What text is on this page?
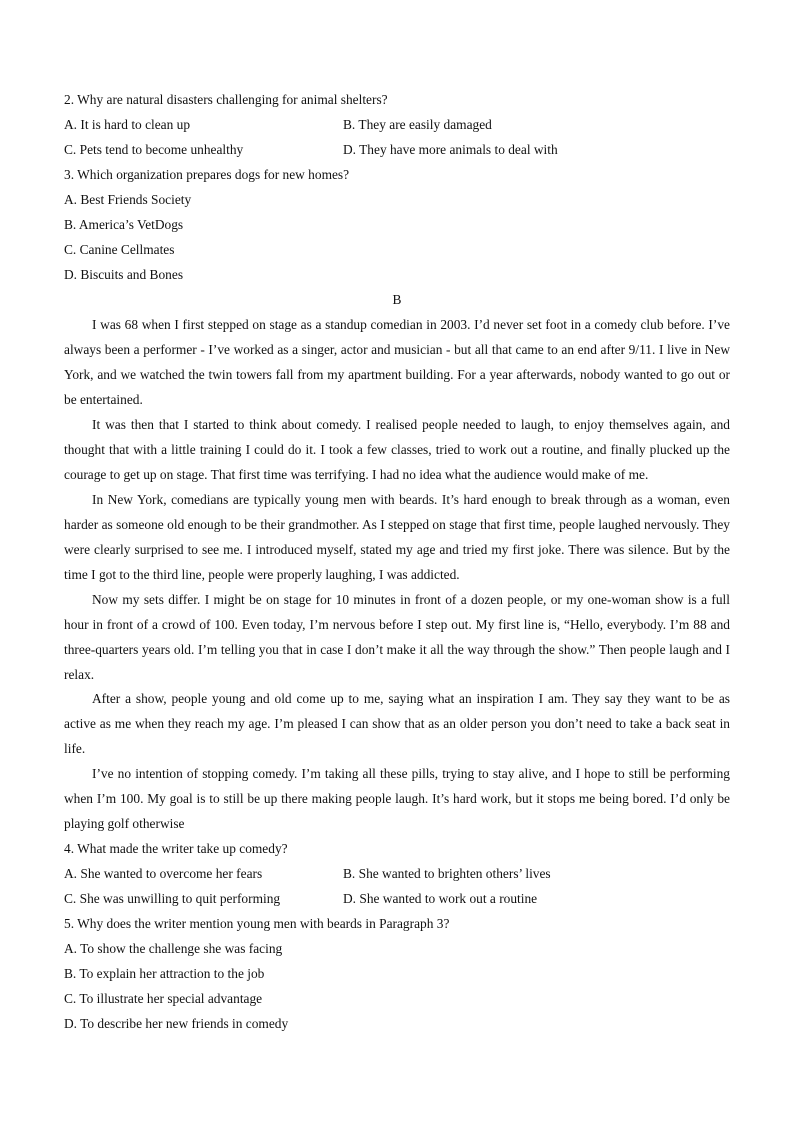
2. Why are natural disasters challenging for animal shelters?
A. It is hard to clean up	B. They are easily damaged
C. Pets tend to become unhealthy	D. They have more animals to deal with
3. Which organization prepares dogs for new homes?
A. Best Friends Society
B. America’s VetDogs
C. Canine Cellmates
D. Biscuits and Bones
B

I was 68 when I first stepped on stage as a standup comedian in 2003. I’d never set foot in a comedy club before. I’ve always been a performer - I’ve worked as a singer, actor and musician - but all that came to an end after 9/11. I live in New York, and we watched the twin towers fall from my apartment building. For a year afterwards, nobody wanted to go out or be entertained.

It was then that I started to think about comedy. I realised people needed to laugh, to enjoy themselves again, and thought that with a little training I could do it. I took a few classes, tried to work out a routine, and finally plucked up the courage to get up on stage. That first time was terrifying. I had no idea what the audience would make of me.

In New York, comedians are typically young men with beards. It’s hard enough to break through as a woman, even harder as someone old enough to be their grandmother. As I stepped on stage that first time, people laughed nervously. They were clearly surprised to see me. I introduced myself, stated my age and tried my first joke. There was silence. But by the time I got to the third line, people were properly laughing, I was addicted.

Now my sets differ. I might be on stage for 10 minutes in front of a dozen people, or my one-woman show is a full hour in front of a crowd of 100. Even today, I’m nervous before I step out. My first line is, “Hello, everybody. I’m 88 and three-quarters years old. I’m telling you that in case I don’t make it all the way through the show.” Then people laugh and I relax.

After a show, people young and old come up to me, saying what an inspiration I am. They say they want to be as active as me when they reach my age. I’m pleased I can show that as an older person you don’t need to take a back seat in life.

I’ve no intention of stopping comedy. I’m taking all these pills, trying to stay alive, and I hope to still be performing when I’m 100. My goal is to still be up there making people laugh. It’s hard work, but it stops me being bored. I’d only be playing golf otherwise

4. What made the writer take up comedy?
A. She wanted to overcome her fears	B. She wanted to brighten others’ lives
C. She was unwilling to quit performing	D. She wanted to work out a routine
5. Why does the writer mention young men with beards in Paragraph 3?
A. To show the challenge she was facing
B. To explain her attraction to the job
C. To illustrate her special advantage
D. To describe her new friends in comedy
